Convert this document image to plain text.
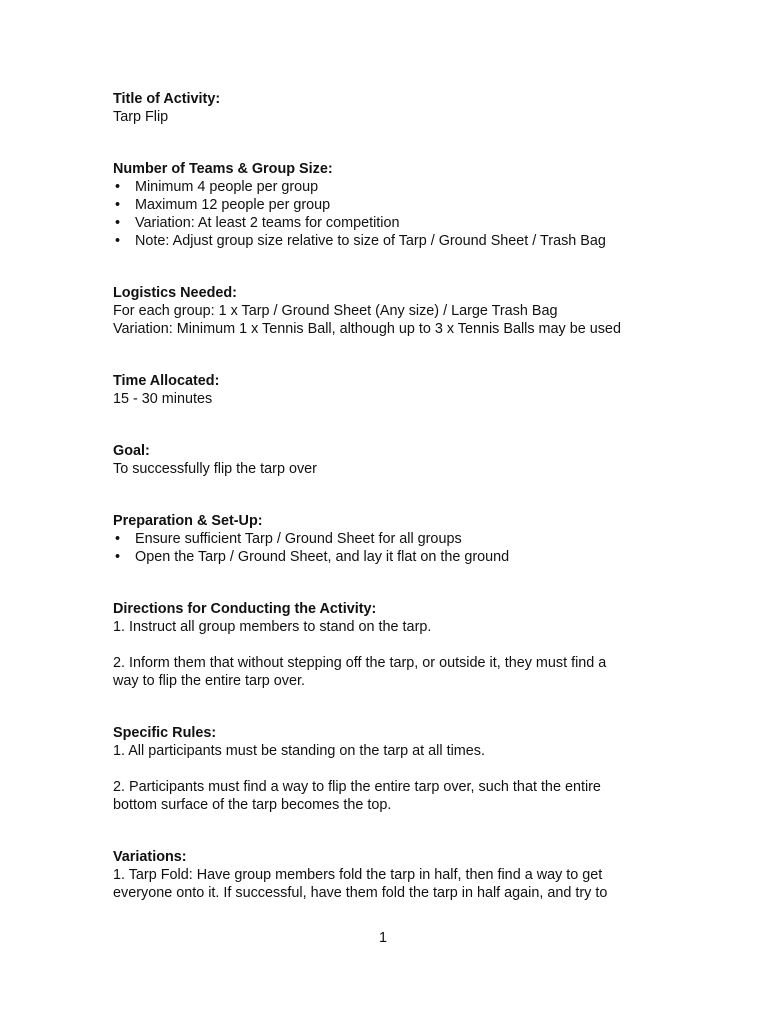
Title of Activity:

Tarp Flip

Number of Teams & Group Size:

• Minimum 4 people per group
• Maximum 12 people per group
• Variation: At least 2 teams for competition
• Note: Adjust group size relative to size of Tarp / Ground Sheet / Trash Bag

Logistics Needed:

For each group: 1 x Tarp / Ground Sheet (Any size) / Large Trash Bag

Variation: Minimum 1 x Tennis Ball, although up to 3 x Tennis Balls may be used

Time Allocated:

15 - 30 minutes

Goal:

To successfully flip the tarp over

Preparation & Set-Up:

• Ensure sufficient Tarp / Ground Sheet for all groups
• Open the Tarp / Ground Sheet, and lay it flat on the ground

Directions for Conducting the Activity:

1. Instruct all group members to stand on the tarp.

2. Inform them that without stepping off the tarp, or outside it, they must find a

way to flip the entire tarp over.

Specific Rules:

1. All participants must be standing on the tarp at all times.

2. Participants must find a way to flip the entire tarp over, such that the entire

bottom surface of the tarp becomes the top.

Variations:

1. Tarp Fold: Have group members fold the tarp in half, then find a way to get

everyone onto it. If successful, have them fold the tarp in half again, and try to

1
